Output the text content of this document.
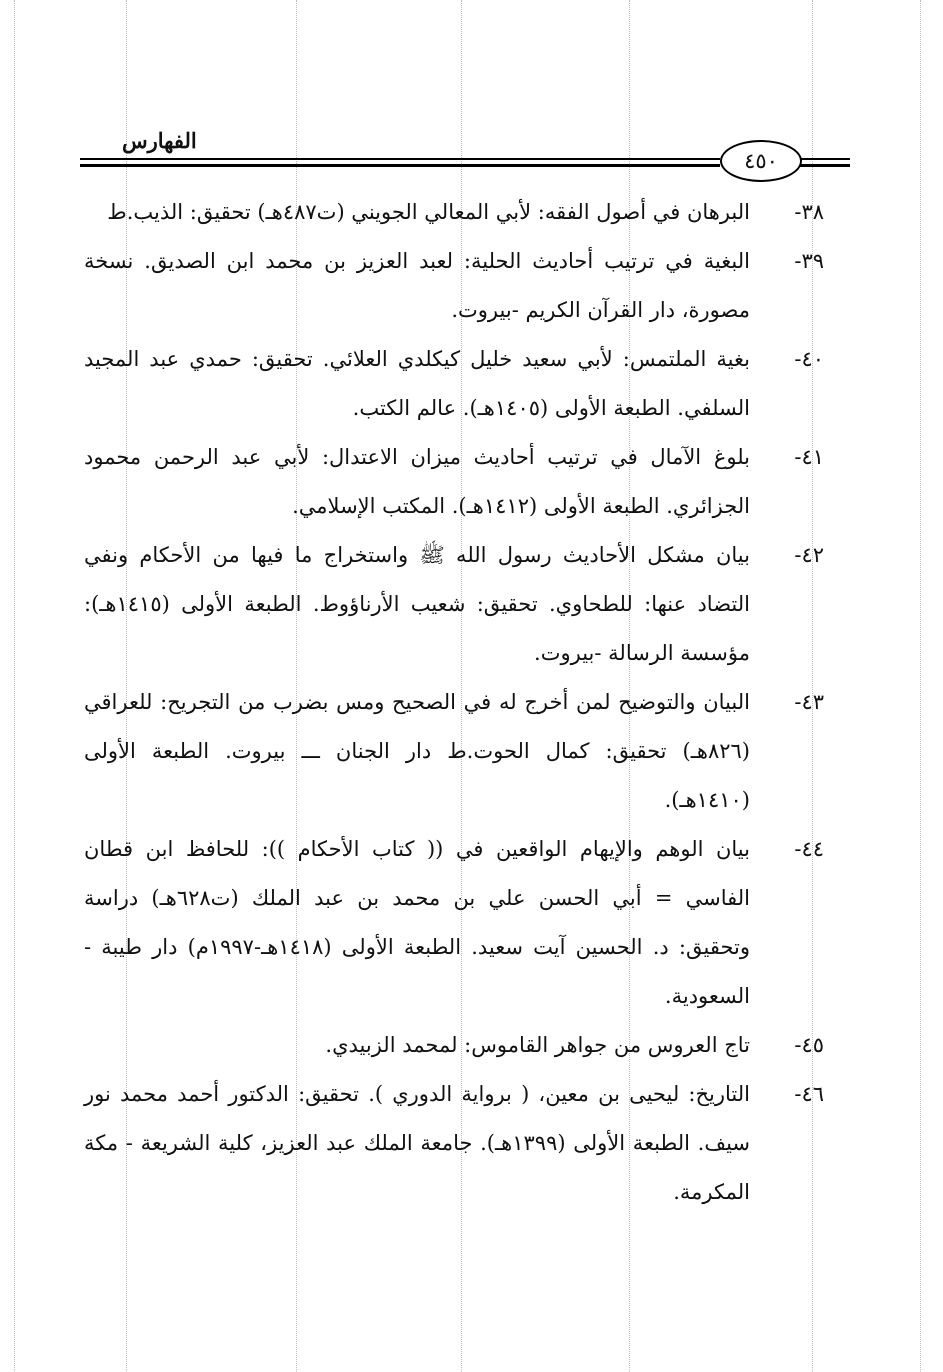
الفهارس
٤٥٠
٣٨-
البرهان في أصول الفقه: لأبي المعالي الجويني (ت٤٨٧هـ) تحقيق: الذيب.ط
٣٩-
البغية في ترتيب أحاديث الحلية: لعبد العزيز بن محمد ابن الصديق. نسخة مصورة، دار القرآن الكريم -بيروت.
٤٠-
بغية الملتمس: لأبي سعيد خليل كيكلدي العلائي. تحقيق: حمدي عبد المجيد السلفي. الطبعة الأولى (١٤٠٥هـ). عالم الكتب.
٤١-
بلوغ الآمال في ترتيب أحاديث ميزان الاعتدال: لأبي عبد الرحمن محمود الجزائري. الطبعة الأولى (١٤١٢هـ). المكتب الإسلامي.
٤٢-
بيان مشكل الأحاديث رسول الله ﷺ واستخراج ما فيها من الأحكام ونفي التضاد عنها: للطحاوي. تحقيق: شعيب الأرناؤوط. الطبعة الأولى (١٤١٥هـ): مؤسسة الرسالة -بيروت.
٤٣-
البيان والتوضيح لمن أخرج له في الصحيح ومس بضرب من التجريح: للعراقي (٨٢٦هـ) تحقيق: كمال الحوت.ط دار الجنان ـــ بيروت. الطبعة الأولى (١٤١٠هـ).
٤٤-
بيان الوهم والإيهام الواقعين في (( كتاب الأحكام )): للحافظ ابن قطان الفاسي = أبي الحسن علي بن محمد بن عبد الملك (ت٦٢٨هـ) دراسة وتحقيق: د. الحسين آيت سعيد. الطبعة الأولى (١٤١٨هـ-١٩٩٧م) دار طيبة - السعودية.
٤٥-
تاج العروس من جواهر القاموس: لمحمد الزبيدي.
٤٦-
التاريخ: ليحيى بن معين، ( برواية الدوري ). تحقيق: الدكتور أحمد محمد نور سيف. الطبعة الأولى (١٣٩٩هـ). جامعة الملك عبد العزيز، كلية الشريعة - مكة المكرمة.
